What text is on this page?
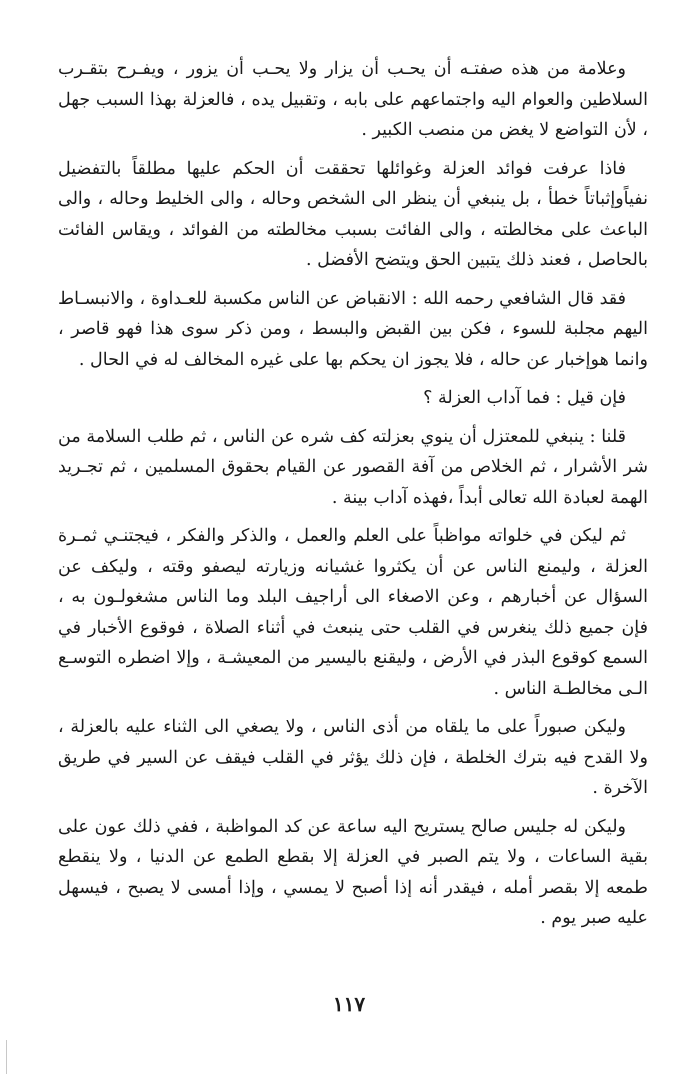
وعلامة من هذه صفتـه أن يحـب أن يزار ولا يحـب أن يزور ، ويفـرح بتقـرب السلاطين والعوام اليه واجتماعهم على بابه ، وتقبيل يده ، فالعزلة بهذا السبب جهل ، لأن التواضع لا يغض من منصب الكبير .

فاذا عرفت فوائد العزلة وغوائلها تحققت أن الحكم عليها مطلقاً بالتفضيل نفياًوإثباتاً خطأ ، بل ينبغي أن ينظر الى الشخص وحاله ، والى الخليط وحاله ، والى الباعث على مخالطته ، والى الفائت بسبب مخالطته من الفوائد ، ويقاس الفائت بالحاصل ، فعند ذلك يتبين الحق ويتضح الأفضل .

فقد قال الشافعي رحمه الله : الانقباض عن الناس مكسبة للعـداوة ، والانبسـاط اليهم مجلبة للسوء ، فكن بين القبض والبسط ، ومن ذكر سوى هذا فهو قاصر ، وانما هوإخبار عن حاله ، فلا يجوز ان يحكم بها على غيره المخالف له في الحال .

فإن قيل : فما آداب العزلة ؟

قلنا : ينبغي للمعتزل أن ينوي بعزلته كف شره عن الناس ، ثم طلب السلامة من شر الأشرار ، ثم الخلاص من آفة القصور عن القيام بحقوق المسلمين ، ثم تجـريد الهمة لعبادة الله تعالى أبداً ،فهذه آداب بينة .

ثم ليكن في خلواته مواظباً على العلم والعمل ، والذكر والفكر ، فيجتنـي ثمـرة العزلة ، وليمنع الناس عن أن يكثروا غشيانه وزيارته ليصفو وقته ، وليكف عن السؤال عن أخبارهم ، وعن الاصغاء الى أراجيف البلد وما الناس مشغولـون به ، فإن جميع ذلك ينغرس في القلب حتى ينبعث في أثناء الصلاة ، فوقوع الأخبار في السمع كوقوع البذر في الأرض ، وليقنع باليسير من المعيشـة ، وإلا اضطره التوسـع الـى مخالطـة الناس .

وليكن صبوراً على ما يلقاه من أذى الناس ، ولا يصغي الى الثناء عليه بالعزلة ، ولا القدح فيه بترك الخلطة ، فإن ذلك يؤثر في القلب فيقف عن السير في طريق الآخرة .

وليكن له جليس صالح يستريح اليه ساعة عن كد المواظبة ، ففي ذلك عون على بقية الساعات ، ولا يتم الصبر في العزلة إلا بقطع الطمع عن الدنيا ، ولا ينقطع طمعه إلا بقصر أمله ، فيقدر أنه إذا أصبح لا يمسي ، وإذا أمسى لا يصبح ، فيسهل عليه صبر يوم .

١١٧
